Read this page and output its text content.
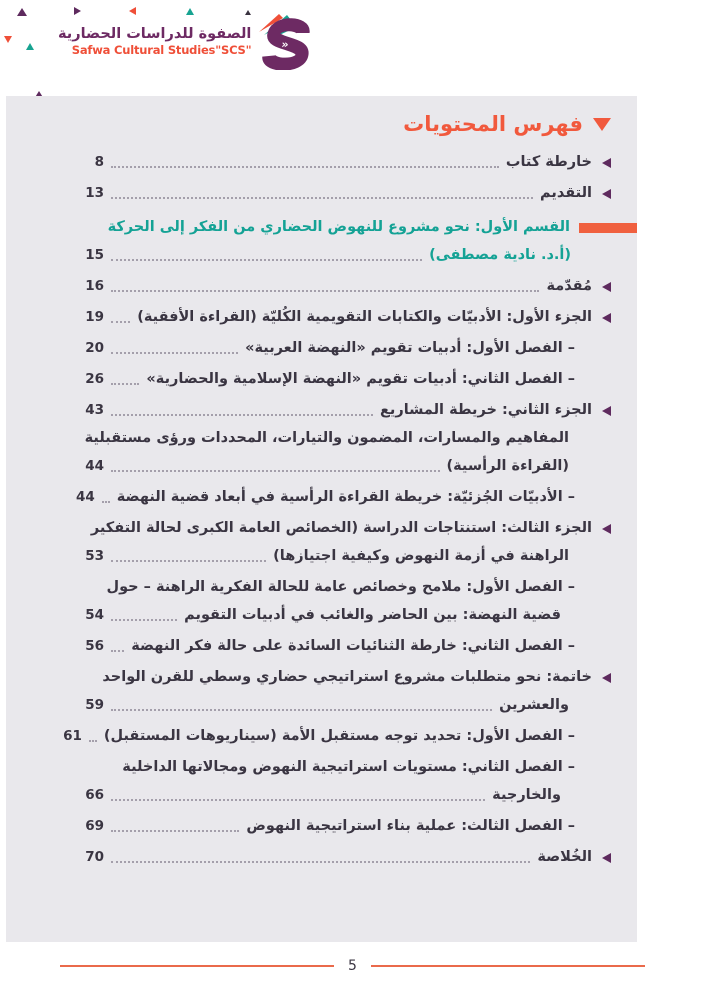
الصفوة للدراسات الحضارية
Safwa Cultural Studies"SCS"	»
فهرس المحتويات
خارطة كتاب
8
التقديم
13
القسم الأول: نحو مشروع للنهوض الحضاري من الفكر إلى الحركة
(أ.د. نادية مصطفى)
15
مُقدّمة
16
الجزء الأول: الأدبيّات والكتابات التقويمية الكُليّة (القراءة الأفقية)
19
– الفصل الأول: أدبيات تقويم «النهضة العربية»
20
– الفصل الثاني: أدبيات تقويم «النهضة الإسلامية والحضارية»
26
الجزء الثاني: خريطة المشاريع
43
المفاهيم والمسارات، المضمون والتيارات، المحددات ورؤى مستقبلية
(القراءة الرأسية)
44
– الأدبيّات الجُزئيّة: خريطة القراءة الرأسية في أبعاد قضية النهضة
44
الجزء الثالث: استنتاجات الدراسة (الخصائص العامة الكبرى لحالة التفكير
الراهنة في أزمة النهوض وكيفية اجتيازها)
53
– الفصل الأول: ملامح وخصائص عامة للحالة الفكرية الراهنة – حول
قضية النهضة: بين الحاضر والغائب في أدبيات التقويم
54
– الفصل الثاني: خارطة الثنائيات السائدة على حالة فكر النهضة
56
خاتمة: نحو متطلبات مشروع استراتيجي حضاري وسطي للقرن الواحد
والعشرين
59
– الفصل الأول: تحديد توجه مستقبل الأمة (سيناريوهات المستقبل)
61
– الفصل الثاني: مستويات استراتيجية النهوض ومجالاتها الداخلية
والخارجية
66
– الفصل الثالث: عملية بناء استراتيجية النهوض
69
الخُلاصة
70
5
